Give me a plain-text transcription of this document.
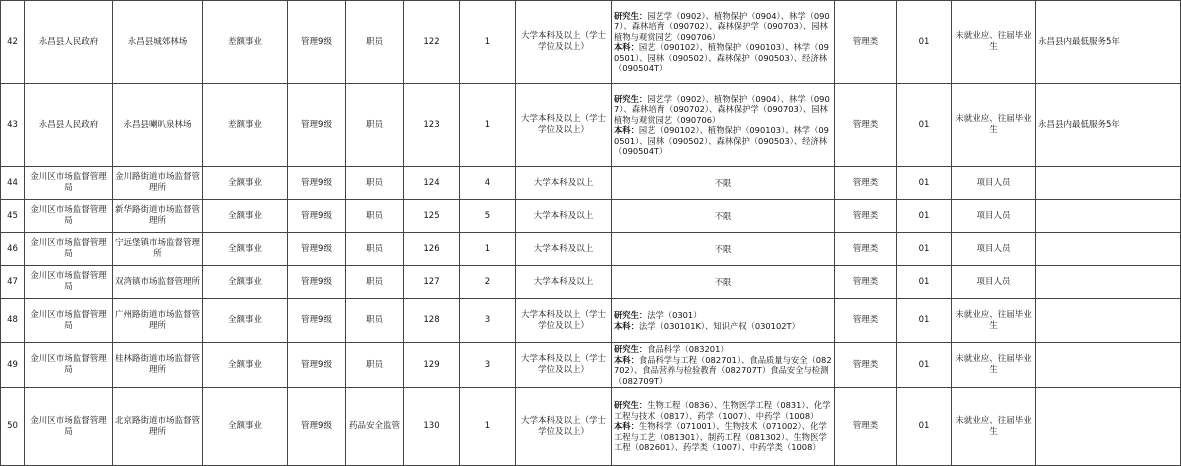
42	永昌县人民政府	永昌县城郊林场	差额事业	管理9级	职员	122	1	大学本科及以上（学士学位及以上）	研究生：园艺学（0902）、植物保护（0904）、林学（0907）、森林培育（090702）、森林保护学（090703）、园林植物与观赏园艺（090706）
本科：园艺（090102）、植物保护（090103）、林学（090501）、园林（090502）、森林保护（090503）、经济林（090504T）	管理类	01	未就业应、往届毕业生	永昌县内最低服务5年
43	永昌县人民政府	永昌县喇叭泉林场	差额事业	管理9级	职员	123	1	大学本科及以上（学士学位及以上）	研究生：园艺学（0902）、植物保护（0904）、林学（0907）、森林培育（090702）、森林保护学（090703）、园林植物与观赏园艺（090706）
本科：园艺（090102）、植物保护（090103）、林学（090501）、园林（090502）、森林保护（090503）、经济林（090504T）	管理类	01	未就业应、往届毕业生	永昌县内最低服务5年
44	金川区市场监督管理局	金川路街道市场监督管理所	全额事业	管理9级	职员	124	4	大学本科及以上	不限	管理类	01	项目人员	
45	金川区市场监督管理局	新华路街道市场监督管理所	全额事业	管理9级	职员	125	5	大学本科及以上	不限	管理类	01	项目人员	
46	金川区市场监督管理局	宁远堡镇市场监督管理所	全额事业	管理9级	职员	126	1	大学本科及以上	不限	管理类	01	项目人员	
47	金川区市场监督管理局	双湾镇市场监督管理所	全额事业	管理9级	职员	127	2	大学本科及以上	不限	管理类	01	项目人员	
48	金川区市场监督管理局	广州路街道市场监督管理所	全额事业	管理9级	职员	128	3	大学本科及以上（学士学位及以上）	研究生：法学（0301）
本科：法学（030101K）、知识产权（030102T）	管理类	01	未就业应、往届毕业生	
49	金川区市场监督管理局	桂林路街道市场监督管理所	全额事业	管理9级	职员	129	3	大学本科及以上（学士学位及以上）	研究生：食品科学（083201）
本科：食品科学与工程（082701）、食品质量与安全（082702）、食品营养与检验教育（082707T）食品安全与检测（082709T）	管理类	01	未就业应、往届毕业生	
50	金川区市场监督管理局	北京路街道市场监督管理所	全额事业	管理9级	药品安全监管	130	1	大学本科及以上（学士学位及以上）	研究生：生物工程（0836）、生物医学工程（0831）、化学工程与技术（0817）、药学（1007）、中药学（1008）
本科：生物科学（071001）、生物技术（071002）、化学工程与工艺（081301）、制药工程（081302）、生物医学工程（082601）、药学类（1007）、中药学类（1008）	管理类	01	未就业应、往届毕业生	
